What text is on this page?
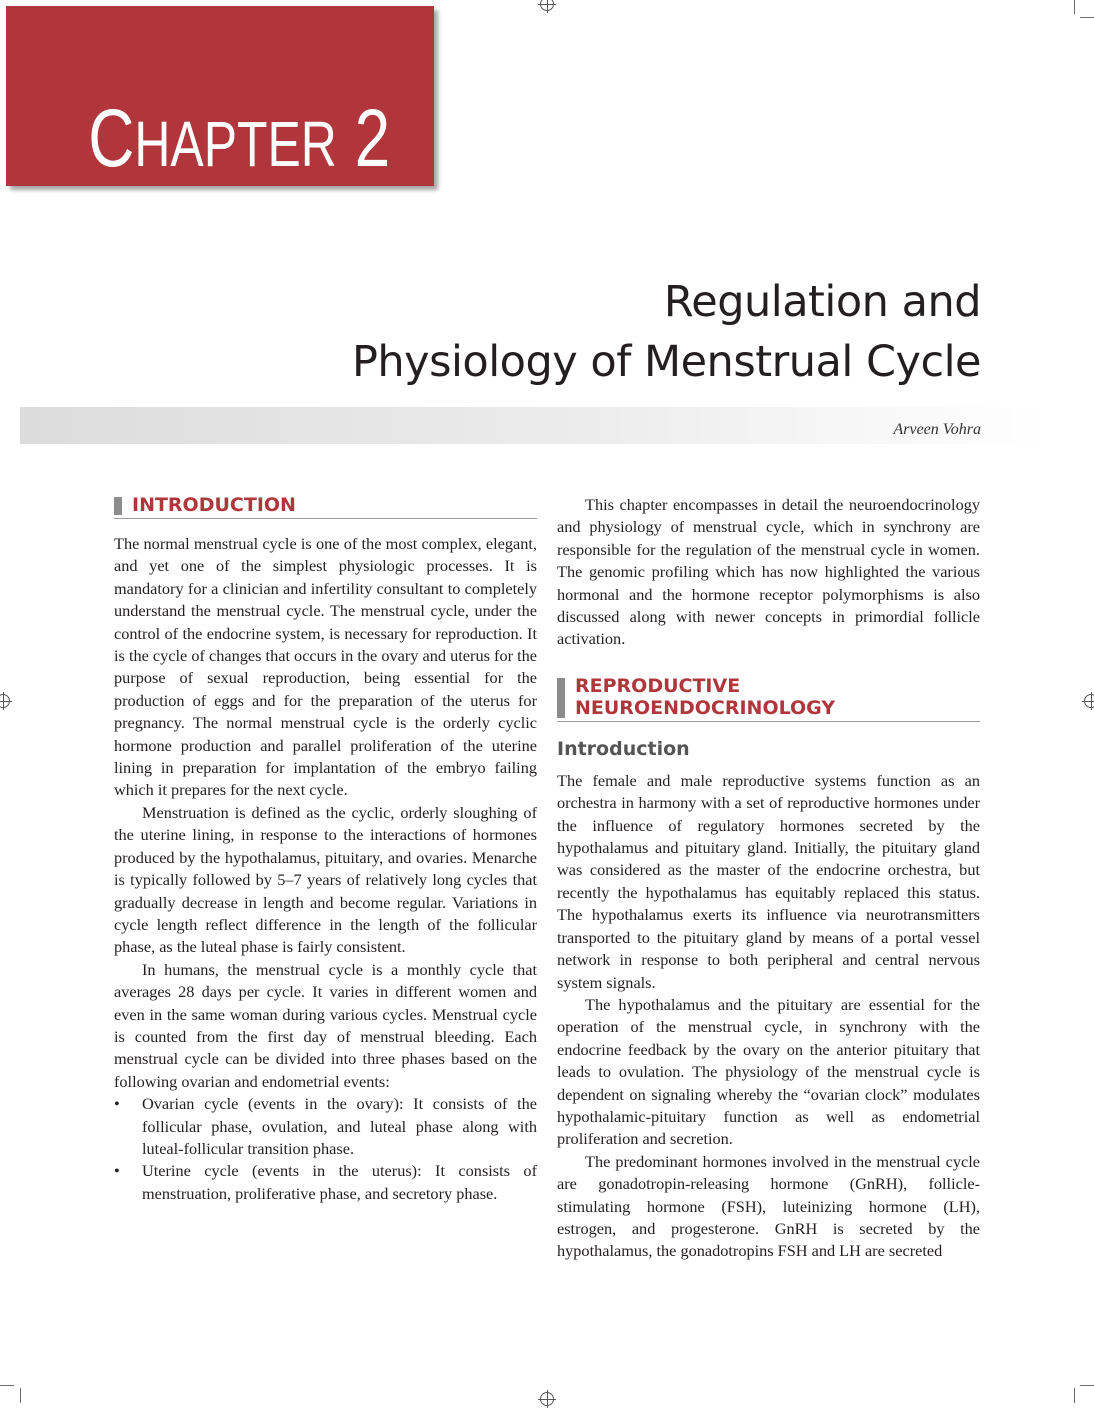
CHAPTER 2
Regulation and
Physiology of Menstrual Cycle
Arveen Vohra
INTRODUCTION

The normal menstrual cycle is one of the most complex, elegant, and yet one of the simplest physiologic processes. It is mandatory for a clinician and infertility consultant to completely understand the menstrual cycle. The menstrual cycle, under the control of the endocrine system, is necessary for reproduction. It is the cycle of changes that occurs in the ovary and uterus for the purpose of sexual reproduction, being essential for the production of eggs and for the preparation of the uterus for pregnancy. The normal menstrual cycle is the orderly cyclic hormone production and parallel proliferation of the uterine lining in preparation for implantation of the embryo failing which it prepares for the next cycle.

Menstruation is defined as the cyclic, orderly sloughing of the uterine lining, in response to the interactions of hormones produced by the hypothalamus, pituitary, and ovaries. Menarche is typically followed by 5–7 years of relatively long cycles that gradually decrease in length and become regular. Variations in cycle length reflect difference in the length of the follicular phase, as the luteal phase is fairly consistent.

In humans, the menstrual cycle is a monthly cycle that averages 28 days per cycle. It varies in different women and even in the same woman during various cycles. Menstrual cycle is counted from the first day of menstrual bleeding. Each menstrual cycle can be divided into three phases based on the following ovarian and endometrial events:

• Ovarian cycle (events in the ovary): It consists of the follicular phase, ovulation, and luteal phase along with luteal-follicular transition phase.
• Uterine cycle (events in the uterus): It consists of menstruation, proliferative phase, and secretory phase.

This chapter encompasses in detail the neuroendocrinology and physiology of menstrual cycle, which in synchrony are responsible for the regulation of the menstrual cycle in women. The genomic profiling which has now highlighted the various hormonal and the hormone receptor polymorphisms is also discussed along with newer concepts in primordial follicle activation.

REPRODUCTIVE
NEUROENDOCRINOLOGY
Introduction

The female and male reproductive systems function as an orchestra in harmony with a set of reproductive hormones under the influence of regulatory hormones secreted by the hypothalamus and pituitary gland. Initially, the pituitary gland was considered as the master of the endocrine orchestra, but recently the hypothalamus has equitably replaced this status. The hypothalamus exerts its influence via neurotransmitters transported to the pituitary gland by means of a portal vessel network in response to both peripheral and central nervous system signals.

The hypothalamus and the pituitary are essential for the operation of the menstrual cycle, in synchrony with the endocrine feedback by the ovary on the anterior pituitary that leads to ovulation. The physiology of the menstrual cycle is dependent on signaling whereby the “ovarian clock” modulates hypothalamic-pituitary function as well as endometrial proliferation and secretion.

The predominant hormones involved in the menstrual cycle are gonadotropin-releasing hormone (GnRH), follicle-stimulating hormone (FSH), luteinizing hormone (LH), estrogen, and progesterone. GnRH is secreted by the hypothalamus, the gonadotropins FSH and LH are secreted
